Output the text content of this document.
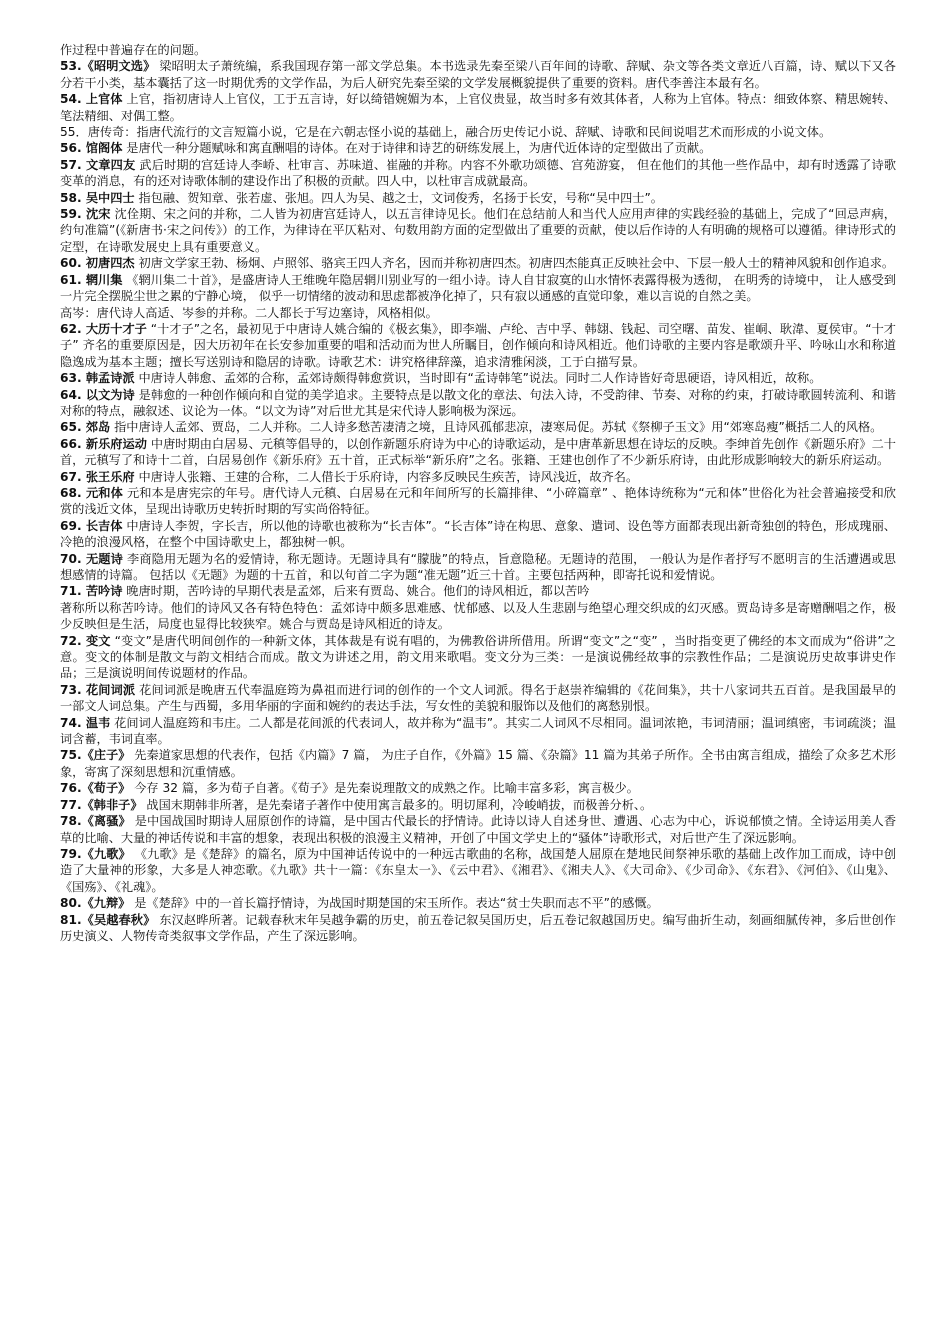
作过程中普遍存在的问题。

53.《昭明文选》 梁昭明太子萧统编，系我国现存第一部文学总集。本书选录先秦至梁八百年间的诗歌、辞赋、杂文等各类文章近八百篇，诗、赋以下又各分若干小类，基本囊括了这一时期优秀的文学作品，为后人研究先秦至梁的文学发展概貌提供了重要的资料。唐代李善注本最有名。

54. 上官体 上官，指初唐诗人上官仪，工于五言诗，好以绮错婉媚为本，上官仪贵显，故当时多有效其体者，人称为上官体。特点：细致体察、精思婉转、笔法精细、对偶工整。

55．唐传奇：指唐代流行的文言短篇小说，它是在六朝志怪小说的基础上，融合历史传记小说、辞赋、诗歌和民间说唱艺术而形成的小说文体。

56. 馆阁体 是唐代一种分题赋咏和寓直酬唱的诗体。在对于诗律和诗艺的研练发展上，为唐代近体诗的定型做出了贡献。

57. 文章四友 武后时期的宫廷诗人李峤、杜审言、苏味道、崔融的并称。内容不外歌功颂德、宫苑游宴， 但在他们的其他一些作品中，却有时透露了诗歌变革的消息，有的还对诗歌体制的建设作出了积极的贡献。四人中，以杜审言成就最高。

58. 吴中四士 指包融、贺知章、张若虚、张旭。四人为吴、越之士，文词俊秀，名扬于长安，号称“吴中四士”。

59. 沈宋 沈佺期、宋之问的并称，二人皆为初唐宫廷诗人，以五言律诗见长。他们在总结前人和当代人应用声律的实践经验的基础上，完成了“回忌声病，约句准篇”(《新唐书·宋之问传》）的工作，为律诗在平仄粘对、句数用韵方面的定型做出了重要的贡献，使以后作诗的人有明确的规格可以遵循。律诗形式的定型，在诗歌发展史上具有重要意义。

60. 初唐四杰 初唐文学家王勃、杨炯、卢照邻、骆宾王四人齐名，因而并称初唐四杰。初唐四杰能真正反映社会中、下层一般人士的精神风貌和创作追求。

61. 辋川集 《辋川集二十首》，是盛唐诗人王维晚年隐居辋川别业写的一组小诗。诗人自甘寂寞的山水情怀表露得极为透彻， 在明秀的诗境中， 让人感受到一片完全摆脱尘世之累的宁静心境， 似乎一切情绪的波动和思虑都被净化掉了，只有寂以通感的直觉印象，难以言说的自然之美。

高岑：唐代诗人高适、岑参的并称。二人都长于写边塞诗，风格相似。

62. 大历十才子 “十才子”之名，最初见于中唐诗人姚合编的《极玄集》，即李端、卢纶、吉中孚、韩翃、钱起、司空曙、苗发、崔峒、耿湋、夏侯审。“十才子” 齐名的重要原因是，因大历初年在长安参加重要的唱和活动而为世人所瞩目，创作倾向和诗风相近。他们诗歌的主要内容是歌颂升平、吟咏山水和称道隐逸成为基本主题；擅长写送别诗和隐居的诗歌。诗歌艺术：讲究格律辞藻，追求清雅闲淡，工于白描写景。

63. 韩孟诗派 中唐诗人韩愈、孟郊的合称，孟郊诗颇得韩愈赏识，当时即有“孟诗韩笔”说法。同时二人作诗皆好奇思硬语，诗风相近，故称。

64. 以文为诗 是韩愈的一种创作倾向和自觉的美学追求。主要特点是以散文化的章法、句法入诗，不受韵律、节奏、对称的约束，打破诗歌圆转流利、和谐对称的特点，融叙述、议论为一体。“以文为诗”对后世尤其是宋代诗人影响极为深远。

65. 郊岛 指中唐诗人孟郊、贾岛，二人并称。二人诗多愁苦凄清之境，且诗风孤郁悲凉，凄寒局促。苏轼《祭柳子玉文》用“郊寒岛瘦”概括二人的风格。

66. 新乐府运动 中唐时期由白居易、元稹等倡导的，以创作新题乐府诗为中心的诗歌运动，是中唐革新思想在诗坛的反映。李绅首先创作《新题乐府》二十首，元稹写了和诗十二首，白居易创作《新乐府》五十首，正式标举“新乐府”之名。张籍、王建也创作了不少新乐府诗，由此形成影响较大的新乐府运动。

67. 张王乐府 中唐诗人张籍、王建的合称，二人借长于乐府诗，内容多反映民生疾苦，诗风浅近，故齐名。

68. 元和体 元和本是唐宪宗的年号。唐代诗人元稹、白居易在元和年间所写的长篇排律、“小碎篇章” 、艳体诗统称为“元和体”世俗化为社会普遍接受和欣赏的浅近文体，呈现出诗歌历史转折时期的写实尚俗特征。

69. 长吉体 中唐诗人李贺，字长吉，所以他的诗歌也被称为“长吉体”。“长吉体”诗在构思、意象、遣词、设色等方面都表现出新奇独创的特色，形成瑰丽、冷艳的浪漫风格，在整个中国诗歌史上，都独树一帜。

70. 无题诗 李商隐用无题为名的爱情诗，称无题诗。无题诗具有“朦胧”的特点，旨意隐秘。无题诗的范围， 一般认为是作者抒写不愿明言的生活遭遇或思想感情的诗篇。 包括以《无题》为题的十五首，和以句首二字为题“准无题”近三十首。主要包括两种，即寄托说和爱情说。

71. 苦吟诗 晚唐时期，苦吟诗的早期代表是孟郊，后来有贾岛、姚合。他们的诗风相近，都以苦吟

著称所以称苦吟诗。他们的诗风又各有特色特色：孟郊诗中颇多思难感、忧郁感、以及人生悲剧与绝望心理交织成的幻灭感。贾岛诗多是寄赠酬唱之作，极少反映但是生活，局度也显得比较狭窄。姚合与贾岛是诗风相近的诗友。

72. 变文 “变文”是唐代明间创作的一种新文体，其体裁是有说有唱的，为佛教俗讲所借用。所谓“变文”之“变” ，当时指变更了佛经的本文而成为“俗讲”之意。变文的体制是散文与韵文相结合而成。散文为讲述之用，韵文用来歌唱。变文分为三类：一是演说佛经故事的宗教性作品；二是演说历史故事讲史作品；三是演说明间传说题材的作品。

73. 花间词派 花间词派是晚唐五代奉温庭筠为鼻祖而进行词的创作的一个文人词派。得名于赵崇祚编辑的《花间集》，共十八家词共五百首。是我国最早的一部文人词总集。产生与西蜀，多用华丽的字面和婉约的表达手法，写女性的美貌和服饰以及他们的离愁别恨。

74. 温韦 花间词人温庭筠和韦庄。二人都是花间派的代表词人，故并称为“温韦”。其实二人词风不尽相同。温词浓艳，韦词清丽；温词缜密，韦词疏淡；温词含蓄，韦词直率。

75.《庄子》 先秦道家思想的代表作，包括《内篇》7 篇， 为庄子自作，《外篇》15 篇、《杂篇》11 篇为其弟子所作。全书由寓言组成，描绘了众多艺术形象，寄寓了深刻思想和沉重情感。

76.《荀子》 今存 32 篇，多为荀子自著。《荀子》是先秦说理散文的成熟之作。比喻丰富多彩，寓言极少。

77.《韩非子》 战国末期韩非所著，是先秦诸子著作中使用寓言最多的。明切犀利，冷峻峭拔，而极善分析、。

78.《离骚》 是中国战国时期诗人屈原创作的诗篇，是中国古代最长的抒情诗。此诗以诗人自述身世、遭遇、心志为中心，诉说郁愤之情。全诗运用美人香草的比喻、大量的神话传说和丰富的想象，表现出积极的浪漫主义精神，开创了中国文学史上的“骚体”诗歌形式，对后世产生了深远影响。

79.《九歌》 《九歌》是《楚辞》的篇名，原为中国神话传说中的一种远古歌曲的名称，战国楚人屈原在楚地民间祭神乐歌的基础上改作加工而成，诗中创造了大量神的形象，大多是人神恋歌。《九歌》共十一篇：《东皇太一》、《云中君》、《湘君》、《湘夫人》、《大司命》、《少司命》、《东君》、《河伯》、《山鬼》、《国殇》、《礼魂》。

80.《九辩》 是《楚辞》中的一首长篇抒情诗，为战国时期楚国的宋玉所作。表达“贫士失职而志不平”的感慨。

81.《吴越春秋》 东汉赵晔所著。记载春秋末年吴越争霸的历史，前五卷记叙吴国历史，后五卷记叙越国历史。编写曲折生动，刻画细腻传神，多后世创作历史演义、人物传奇类叙事文学作品，产生了深远影响。
